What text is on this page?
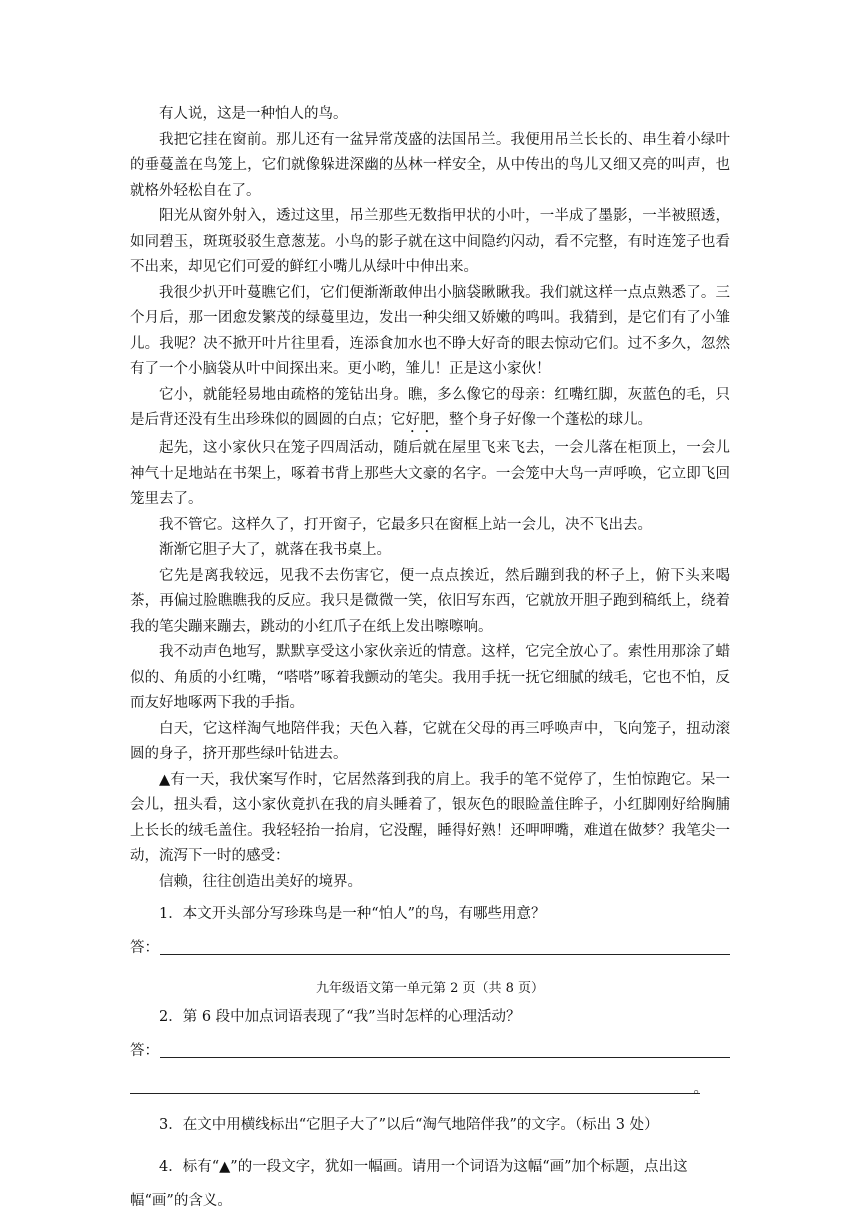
有人说，这是一种怕人的鸟。

我把它挂在窗前。那儿还有一盆异常茂盛的法国吊兰。我便用吊兰长长的、串生着小绿叶的垂蔓盖在鸟笼上，它们就像躲进深幽的丛林一样安全，从中传出的鸟儿又细又亮的叫声，也就格外轻松自在了。

阳光从窗外射入，透过这里，吊兰那些无数指甲状的小叶，一半成了墨影，一半被照透，如同碧玉，斑斑驳驳生意葱茏。小鸟的影子就在这中间隐约闪动，看不完整，有时连笼子也看不出来，却见它们可爱的鲜红小嘴儿从绿叶中伸出来。

我很少扒开叶蔓瞧它们，它们便渐渐敢伸出小脑袋瞅瞅我。我们就这样一点点熟悉了。三个月后，那一团愈发繁茂的绿蔓里边，发出一种尖细又娇嫩的鸣叫。我猜到，是它们有了小雏儿。我呢？决不掀开叶片往里看，连添食加水也不睁大好奇的眼去惊动它们。过不多久，忽然有了一个小脑袋从叶中间探出来。更小哟，雏儿！正是这小家伙！

它小，就能轻易地由疏格的笼钻出身。瞧，多么像它的母亲：红嘴红脚，灰蓝色的毛，只是后背还没有生出珍珠似的圆圆的白点；它好肥，整个身子好像一个蓬松的球儿。

起先，这小家伙只在笼子四周活动，随后就在屋里飞来飞去，一会儿落在柜顶上，一会儿神气十足地站在书架上，啄着书背上那些大文豪的名字。一会笼中大鸟一声呼唤，它立即飞回笼里去了。

我不管它。这样久了，打开窗子，它最多只在窗框上站一会儿，决不飞出去。

渐渐它胆子大了，就落在我书桌上。

它先是离我较远，见我不去伤害它，便一点点挨近，然后蹦到我的杯子上，俯下头来喝茶，再偏过脸瞧瞧我的反应。我只是微微一笑，依旧写东西，它就放开胆子跑到稿纸上，绕着我的笔尖蹦来蹦去，跳动的小红爪子在纸上发出嚓嚓响。

我不动声色地写，默默享受这小家伙亲近的情意。这样，它完全放心了。索性用那涂了蜡似的、角质的小红嘴，“嗒嗒”啄着我颤动的笔尖。我用手抚一抚它细腻的绒毛，它也不怕，反而友好地啄两下我的手指。

白天，它这样淘气地陪伴我；天色入暮，它就在父母的再三呼唤声中，飞向笼子，扭动滚圆的身子，挤开那些绿叶钻进去。

▲有一天，我伏案写作时，它居然落到我的肩上。我手的笔不觉停了，生怕惊跑它。呆一会儿，扭头看，这小家伙竟扒在我的肩头睡着了，银灰色的眼睑盖住眸子，小红脚刚好给胸脯上长长的绒毛盖住。我轻轻抬一抬肩，它没醒，睡得好熟！还呷呷嘴，难道在做梦？我笔尖一动，流泻下一时的感受：

信赖，往往创造出美好的境界。

1．本文开头部分写珍珠鸟是一种“怕人”的鸟，有哪些用意？

答：
九年级语文第一单元第 2 页（共 8 页）

2．第 6 段中加点词语表现了“我”当时怎样的心理活动？

答：
。

3．在文中用横线标出“它胆子大了”以后“淘气地陪伴我”的文字。（标出 3 处）

4．标有“▲”的一段文字，犹如一幅画。请用一个词语为这幅“画”加个标题，点出这幅“画”的含义。
